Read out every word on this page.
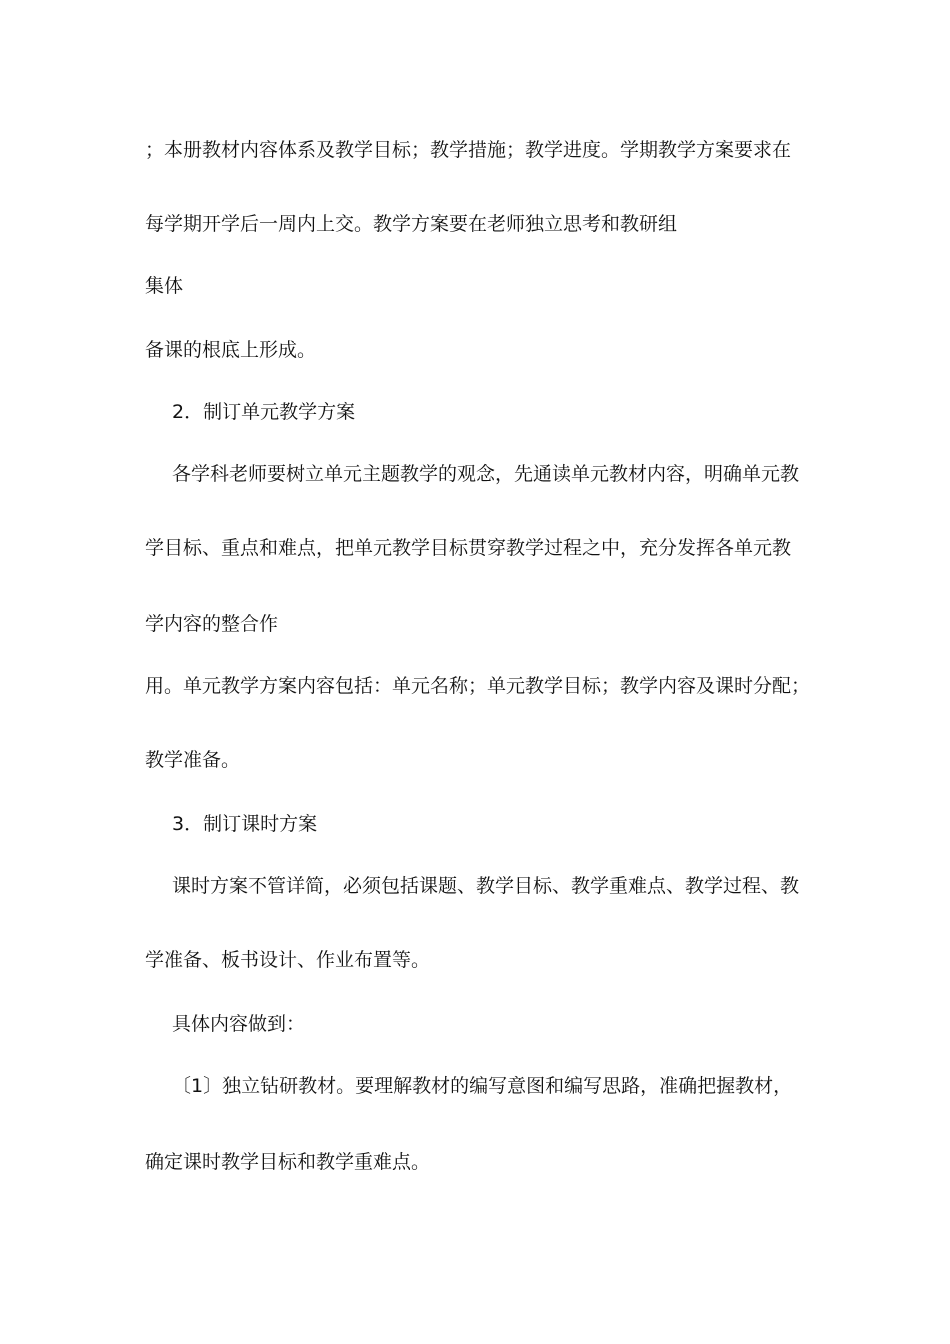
；本册教材内容体系及教学目标；教学措施；教学进度。学期教学方案要求在
每学期开学后一周内上交。教学方案要在老师独立思考和教研组
集体
备课的根底上形成。
2．制订单元教学方案
各学科老师要树立单元主题教学的观念，先通读单元教材内容，明确单元教
学目标、重点和难点，把单元教学目标贯穿教学过程之中，充分发挥各单元教
学内容的整合作
用。单元教学方案内容包括：单元名称；单元教学目标；教学内容及课时分配；
教学准备。
3．制订课时方案
课时方案不管详简，必须包括课题、教学目标、教学重难点、教学过程、教
学准备、板书设计、作业布置等。
具体内容做到：
〔1〕独立钻研教材。要理解教材的编写意图和编写思路，准确把握教材，
确定课时教学目标和教学重难点。
